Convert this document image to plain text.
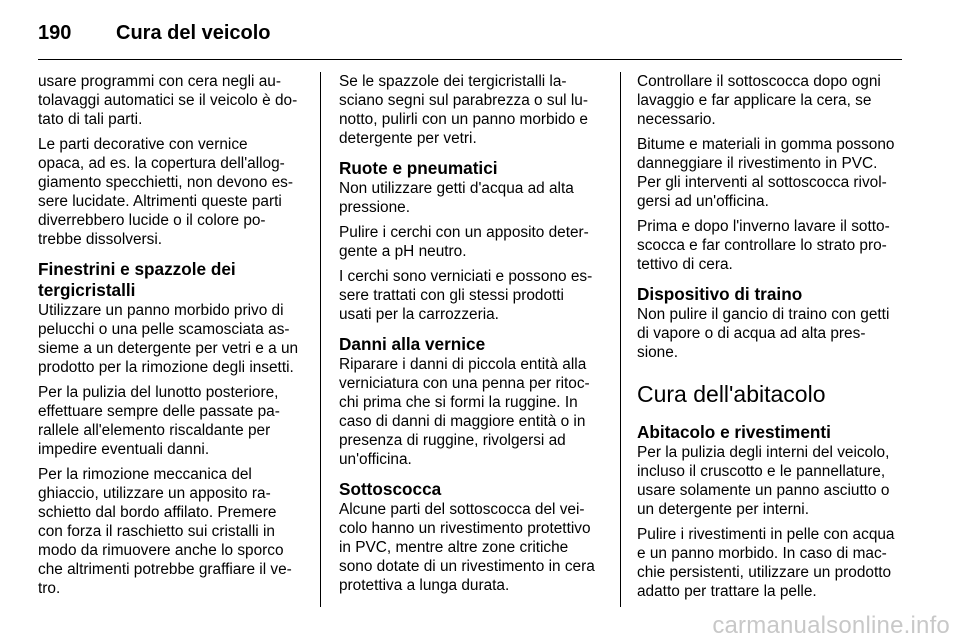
190	Cura del veicolo

usare programmi con cera negli au-
tolavaggi automatici se il veicolo è do-
tato di tali parti.

Le parti decorative con vernice
opaca, ad es. la copertura dell'allog-
giamento specchietti, non devono es-
sere lucidate. Altrimenti queste parti
diverrebbero lucide o il colore po-
trebbe dissolversi.

Finestrini e spazzole dei
tergicristalli

Utilizzare un panno morbido privo di
pelucchi o una pelle scamosciata as-
sieme a un detergente per vetri e a un
prodotto per la rimozione degli insetti.

Per la pulizia del lunotto posteriore,
effettuare sempre delle passate pa-
rallele all'elemento riscaldante per
impedire eventuali danni.

Per la rimozione meccanica del
ghiaccio, utilizzare un apposito ra-
schietto dal bordo affilato. Premere
con forza il raschietto sui cristalli in
modo da rimuovere anche lo sporco
che altrimenti potrebbe graffiare il ve-
tro.

Se le spazzole dei tergicristalli la-
sciano segni sul parabrezza o sul lu-
notto, pulirli con un panno morbido e
detergente per vetri.

Ruote e pneumatici

Non utilizzare getti d'acqua ad alta
pressione.

Pulire i cerchi con un apposito deter-
gente a pH neutro.

I cerchi sono verniciati e possono es-
sere trattati con gli stessi prodotti
usati per la carrozzeria.

Danni alla vernice

Riparare i danni di piccola entità alla
verniciatura con una penna per ritoc-
chi prima che si formi la ruggine. In
caso di danni di maggiore entità o in
presenza di ruggine, rivolgersi ad
un'officina.

Sottoscocca

Alcune parti del sottoscocca del vei-
colo hanno un rivestimento protettivo
in PVC, mentre altre zone critiche
sono dotate di un rivestimento in cera
protettiva a lunga durata.

Controllare il sottoscocca dopo ogni
lavaggio e far applicare la cera, se
necessario.

Bitume e materiali in gomma possono
danneggiare il rivestimento in PVC.
Per gli interventi al sottoscocca rivol-
gersi ad un'officina.

Prima e dopo l'inverno lavare il sotto-
scocca e far controllare lo strato pro-
tettivo di cera.

Dispositivo di traino

Non pulire il gancio di traino con getti
di vapore o di acqua ad alta pres-
sione.

Cura dell'abitacolo
Abitacolo e rivestimenti

Per la pulizia degli interni del veicolo,
incluso il cruscotto e le pannellature,
usare solamente un panno asciutto o
un detergente per interni.

Pulire i rivestimenti in pelle con acqua
e un panno morbido. In caso di mac-
chie persistenti, utilizzare un prodotto
adatto per trattare la pelle.

carmanualsonline.info
